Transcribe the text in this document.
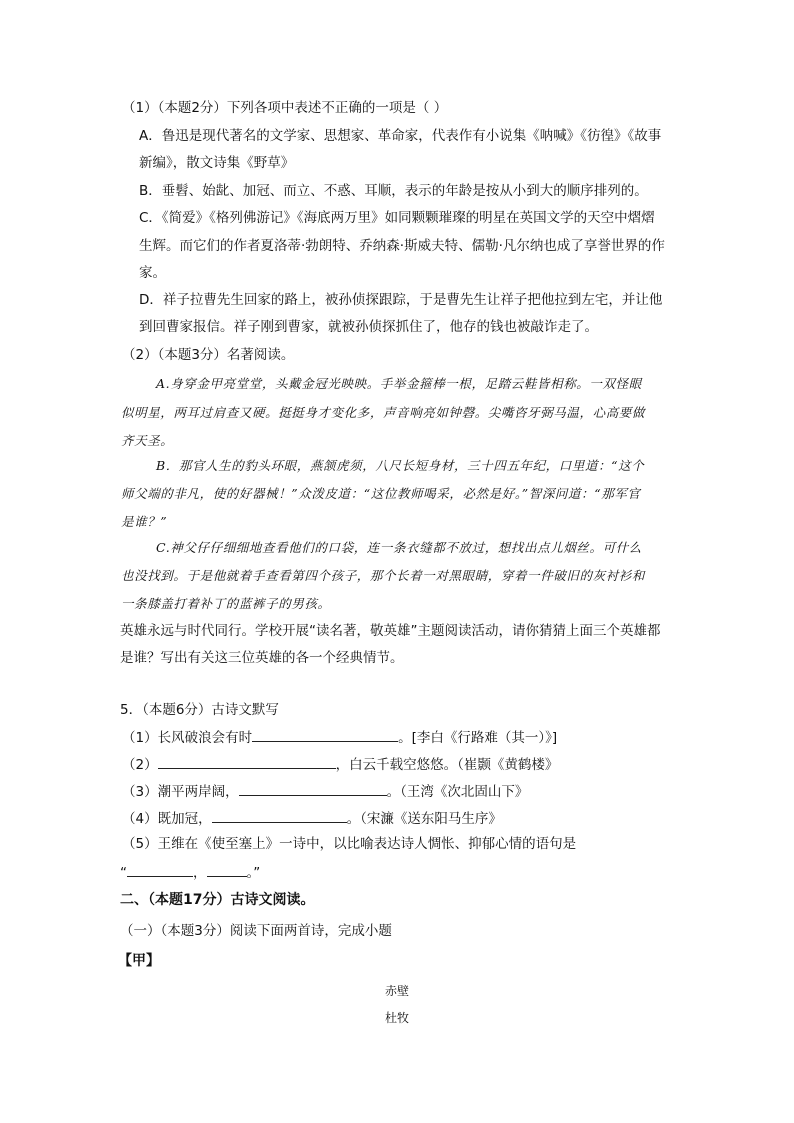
（1）（本题2分）下列各项中表述不正确的一项是（ ）
A．鲁迅是现代著名的文学家、思想家、革命家，代表作有小说集《呐喊》《彷徨》《故事
新编》，散文诗集《野草》
B．垂髫、始龀、加冠、而立、不惑、耳顺，表示的年龄是按从小到大的顺序排列的。
C．《简爱》《格列佛游记》《海底两万里》如同颗颗璀璨的明星在英国文学的天空中熠熠
生辉。而它们的作者夏洛蒂·勃朗特、乔纳森·斯威夫特、儒勒·凡尔纳也成了享誉世界的作
家。
D．祥子拉曹先生回家的路上，被孙侦探跟踪，于是曹先生让祥子把他拉到左宅，并让他
到回曹家报信。祥子刚到曹家，就被孙侦探抓住了，他存的钱也被敲诈走了。
（2）（本题3分）名著阅读。
A.身穿金甲亮堂堂，头戴金冠光映映。手举金箍棒一根，足踏云鞋皆相称。一双怪眼
似明星，两耳过肩查又硬。挺挺身才变化多，声音响亮如钟磬。尖嘴咨牙弼马温，心高要做
齐天圣。
B．那官人生的豹头环眼，燕颔虎须，八尺长短身材，三十四五年纪，口里道：“这个
师父端的非凡，使的好器械！”众泼皮道：“这位教师喝采，必然是好。”智深问道：“那军官
是谁？”
C.神父仔仔细细地查看他们的口袋，连一条衣缝都不放过，想找出点儿烟丝。可什么
也没找到。于是他就着手查看第四个孩子，那个长着一对黑眼睛，穿着一件破旧的灰衬衫和
一条膝盖打着补丁的蓝裤子的男孩。
英雄永远与时代同行。学校开展“读名著，敬英雄”主题阅读活动，请你猜猜上面三个英雄都
是谁？写出有关这三位英雄的各一个经典情节。
5．（本题6分）古诗文默写
（1）长风破浪会有时	。[李白《行路难（其一）》]
（2）	，白云千载空悠悠。（崔颢《黄鹤楼》
（3）潮平两岸阔，	。（王湾《次北固山下》
（4）既加冠，	。（宋濂《送东阳马生序》
（5）王维在《使至塞上》一诗中，以比喻表达诗人惆怅、抑郁心情的语句是
“	，	。”
二、（本题17分）古诗文阅读。
（一）（本题3分）阅读下面两首诗，完成小题
【甲】
赤壁
杜牧
